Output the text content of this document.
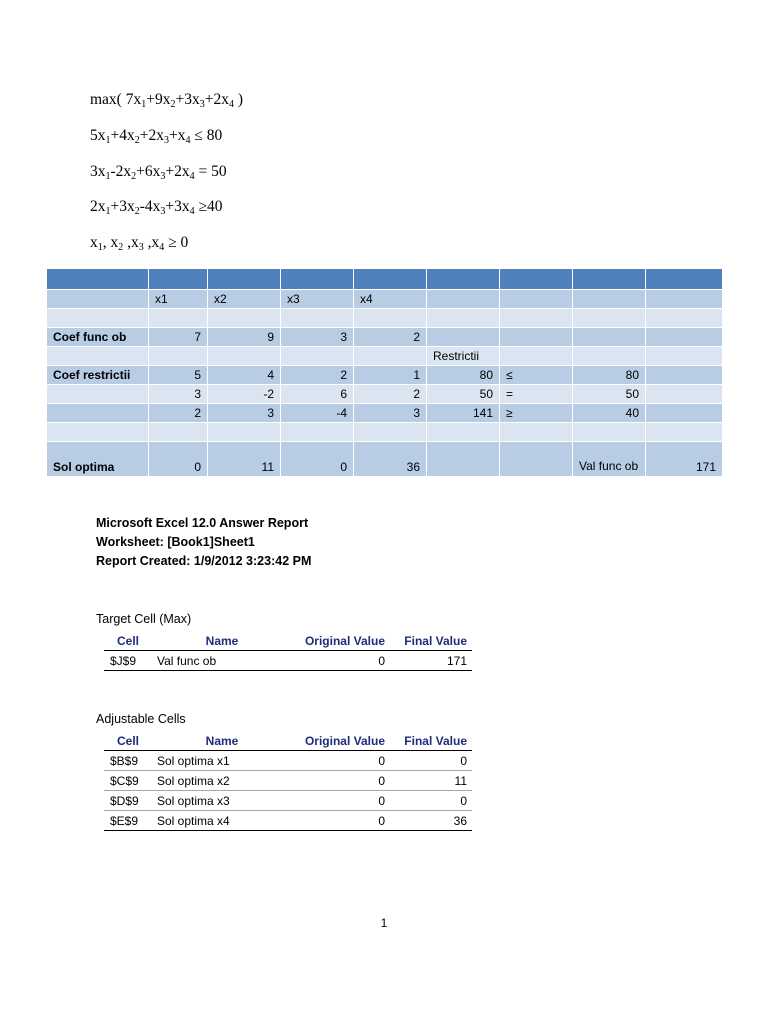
max( $7x_1+9x_2+3x_3+2x_4$ )
$5x_1+4x_2+2x_3+x_4 \le 80$
$3x_1-2x_2+6x_3+2x_4 = 50$
$2x_1+3x_2-4x_3+3x_4 \ge 40$
$x_1$, $x_2$ $,x_3$ $,x_4 \ge 0$

	x1	x2	x3	x4				

Coef func ob	7	9	3	2				
					Restrictii			
Coef restrictii	5	4	2	1	80	≤	80	
	3	-2	6	2	50	=	50	
	2	3	-4	3	141	≥	40	

Sol optima	0	11	0	36			Val func ob	171
Microsoft Excel 12.0 Answer Report
Worksheet: [Book1]Sheet1
Report Created: 1/9/2012 3:23:42 PM
Target Cell (Max)
Cell	Name	Original Value	Final Value
$J$9	Val func ob	0	171
Adjustable Cells
Cell	Name	Original Value	Final Value
$B$9	Sol optima x1	0	0
$C$9	Sol optima x2	0	11
$D$9	Sol optima x3	0	0
$E$9	Sol optima x4	0	36
1
